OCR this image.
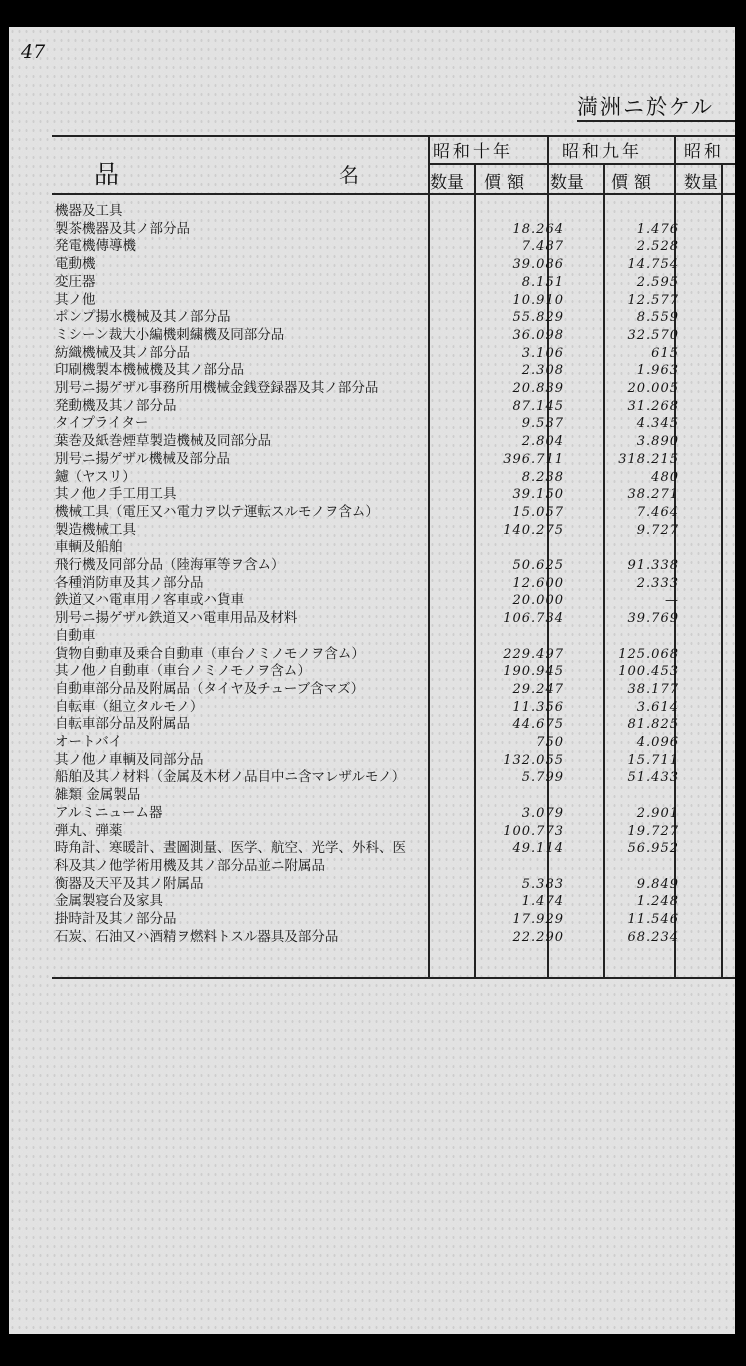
47
満洲ニ於ケル
品	名
昭和十年	昭和九年 昭和
数量 價額 数量 價額 数量
機器及工具
製茶機器及其ノ部分品	18.264	1.476
発電機傳導機	7.487	2.528
電動機	39.086	14.754
変圧器	8.151	2.595
其ノ他	10.910	12.577
ポンプ揚水機械及其ノ部分品	55.829	8.559
ミシーン裁大小編機刺繍機及同部分品	36.098	32.570
紡織機械及其ノ部分品	3.106	615
印刷機製本機械機及其ノ部分品	2.308	1.963
別号ニ揚ゲザル事務所用機械金銭登録器及其ノ部分品	20.839	20.005
発動機及其ノ部分品	87.145	31.268
タイプライター	9.537	4.345
葉巻及紙巻煙草製造機械及同部分品	2.804	3.890
別号ニ揚ゲザル機械及部分品	396.711	318.215
鑢（ヤスリ）	8.238	480
其ノ他ノ手工用工具	39.150	38.271
機械工具（電圧又ハ電力ヲ以テ運転スルモノヲ含ム）	15.057	7.464
製造機械工具	140.275	9.727
車輌及船舶
飛行機及同部分品（陸海軍等ヲ含ム）	50.625	91.338
各種消防車及其ノ部分品	12.600	2.333
鉄道又ハ電車用ノ客車或ハ貨車	20.000	—
別号ニ揚ゲザル鉄道又ハ電車用品及材料	106.734	39.769
自動車
貨物自動車及乗合自動車（車台ノミノモノヲ含ム）	229.497	125.068
其ノ他ノ自動車（車台ノミノモノヲ含ム）	190.945	100.453
自動車部分品及附属品（タイヤ及チューブ含マズ）	29.247	38.177
自転車（組立タルモノ）	11.356	3.614
自転車部分品及附属品	44.675	81.825
オートバイ	750	4.096
其ノ他ノ車輌及同部分品	132.055	15.711
船舶及其ノ材料（金属及木材ノ品目中ニ含マレザルモノ）	5.799	51.433
雑類 金属製品
アルミニューム器	3.079	2.901
弾丸、弾薬	100.773	19.727
時角計、寒暖計、晝圖測量、医学、航空、光学、外科、医	49.114	56.952
科及其ノ他学術用機及其ノ部分品並ニ附属品
衡器及天平及其ノ附属品	5.383	9.849
金属製寝台及家具	1.474	1.248
掛時計及其ノ部分品	17.929	11.546
石炭、石油又ハ酒精ヲ燃料トスル器具及部分品	22.290	68.234
